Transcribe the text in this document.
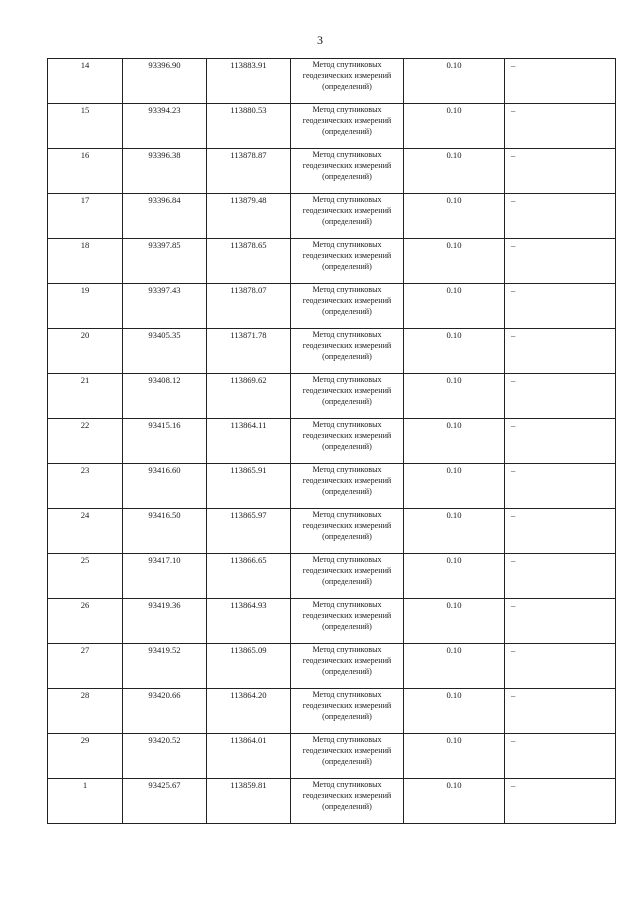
3
14	93396.90	113883.91	Метод спутниковых геодезических измерений (определений)	0.10	–
15	93394.23	113880.53	Метод спутниковых геодезических измерений (определений)	0.10	–
16	93396.38	113878.87	Метод спутниковых геодезических измерений (определений)	0.10	–
17	93396.84	113879.48	Метод спутниковых геодезических измерений (определений)	0.10	–
18	93397.85	113878.65	Метод спутниковых геодезических измерений (определений)	0.10	–
19	93397.43	113878.07	Метод спутниковых геодезических измерений (определений)	0.10	–
20	93405.35	113871.78	Метод спутниковых геодезических измерений (определений)	0.10	–
21	93408.12	113869.62	Метод спутниковых геодезических измерений (определений)	0.10	–
22	93415.16	113864.11	Метод спутниковых геодезических измерений (определений)	0.10	–
23	93416.60	113865.91	Метод спутниковых геодезических измерений (определений)	0.10	–
24	93416.50	113865.97	Метод спутниковых геодезических измерений (определений)	0.10	–
25	93417.10	113866.65	Метод спутниковых геодезических измерений (определений)	0.10	–
26	93419.36	113864.93	Метод спутниковых геодезических измерений (определений)	0.10	–
27	93419.52	113865.09	Метод спутниковых геодезических измерений (определений)	0.10	–
28	93420.66	113864.20	Метод спутниковых геодезических измерений (определений)	0.10	–
29	93420.52	113864.01	Метод спутниковых геодезических измерений (определений)	0.10	–
1	93425.67	113859.81	Метод спутниковых геодезических измерений (определений)	0.10	–
